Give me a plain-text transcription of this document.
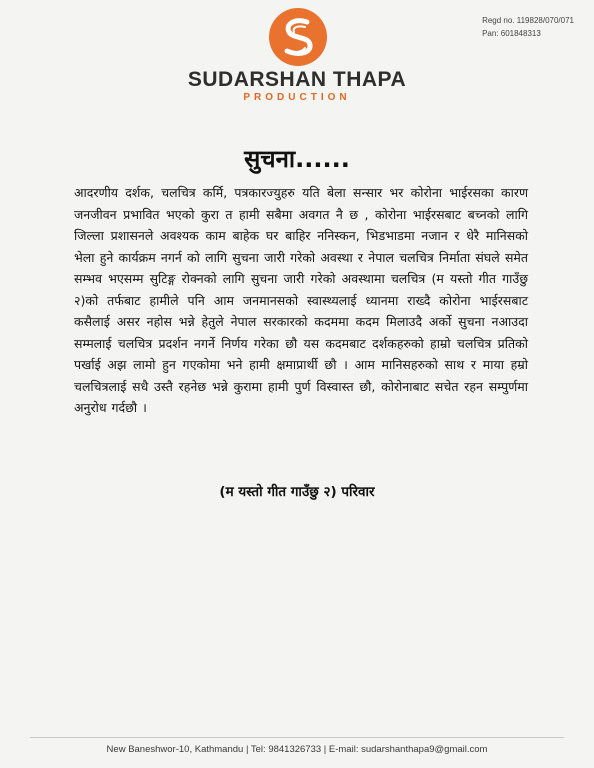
Regd no. 119828/070/071
Pan: 601848313
SUDARSHAN THAPA
PRODUCTION
सुचना......
आदरणीय दर्शक, चलचित्र कर्मि, पत्रकारज्युहरु यति बेला सन्सार भर कोरोना भाईरसका कारण जनजीवन प्रभावित भएको कुरा त हामी सबैमा अवगत नै छ , कोरोना भाईरसबाट बच्नको लागि जिल्ला प्रशासनले अवश्यक काम बाहेक घर बाहिर ननिस्कन, भिडभाडमा नजान र धेरै मानिसको भेला हुने कार्यक्रम नगर्न को लागि सुचना जारी गरेको अवस्था र नेपाल चलचित्र निर्माता संघले समेत सम्भव भएसम्म सुटिङ्ग रोक्नको लागि सुचना जारी गरेको अवस्थामा चलचित्र (म यस्तो गीत गाउँछु २)को तर्फबाट हामीले पनि आम जनमानसको स्वास्थ्यलाई ध्यानमा राख्दै कोरोना भाईरसबाट कसैलाई असर नहोस भन्ने हेतुले नेपाल सरकारको कदममा कदम मिलाउदै अर्को सुचना नआउदा सम्मलाई चलचित्र प्रदर्शन नगर्ने निर्णय गरेका छौ यस कदमबाट दर्शकहरुको हाम्रो चलचित्र प्रतिको पर्खाई अझ लामो हुन गएकोमा भने हामी क्षमाप्रार्थी छौ । आम मानिसहरुको साथ र माया हम्रो चलचित्रलाई सधै उस्तै रहनेछ भन्ने कुरामा हामी पुर्ण विस्वास्त छौ, कोरोनाबाट सचेत रहन सम्पुर्णमा अनुरोध गर्दछौ ।
(म यस्तो गीत गाउँछु २) परिवार
New Baneshwor-10, Kathmandu | Tel: 9841326733 | E-mail: sudarshanthapa9@gmail.com
